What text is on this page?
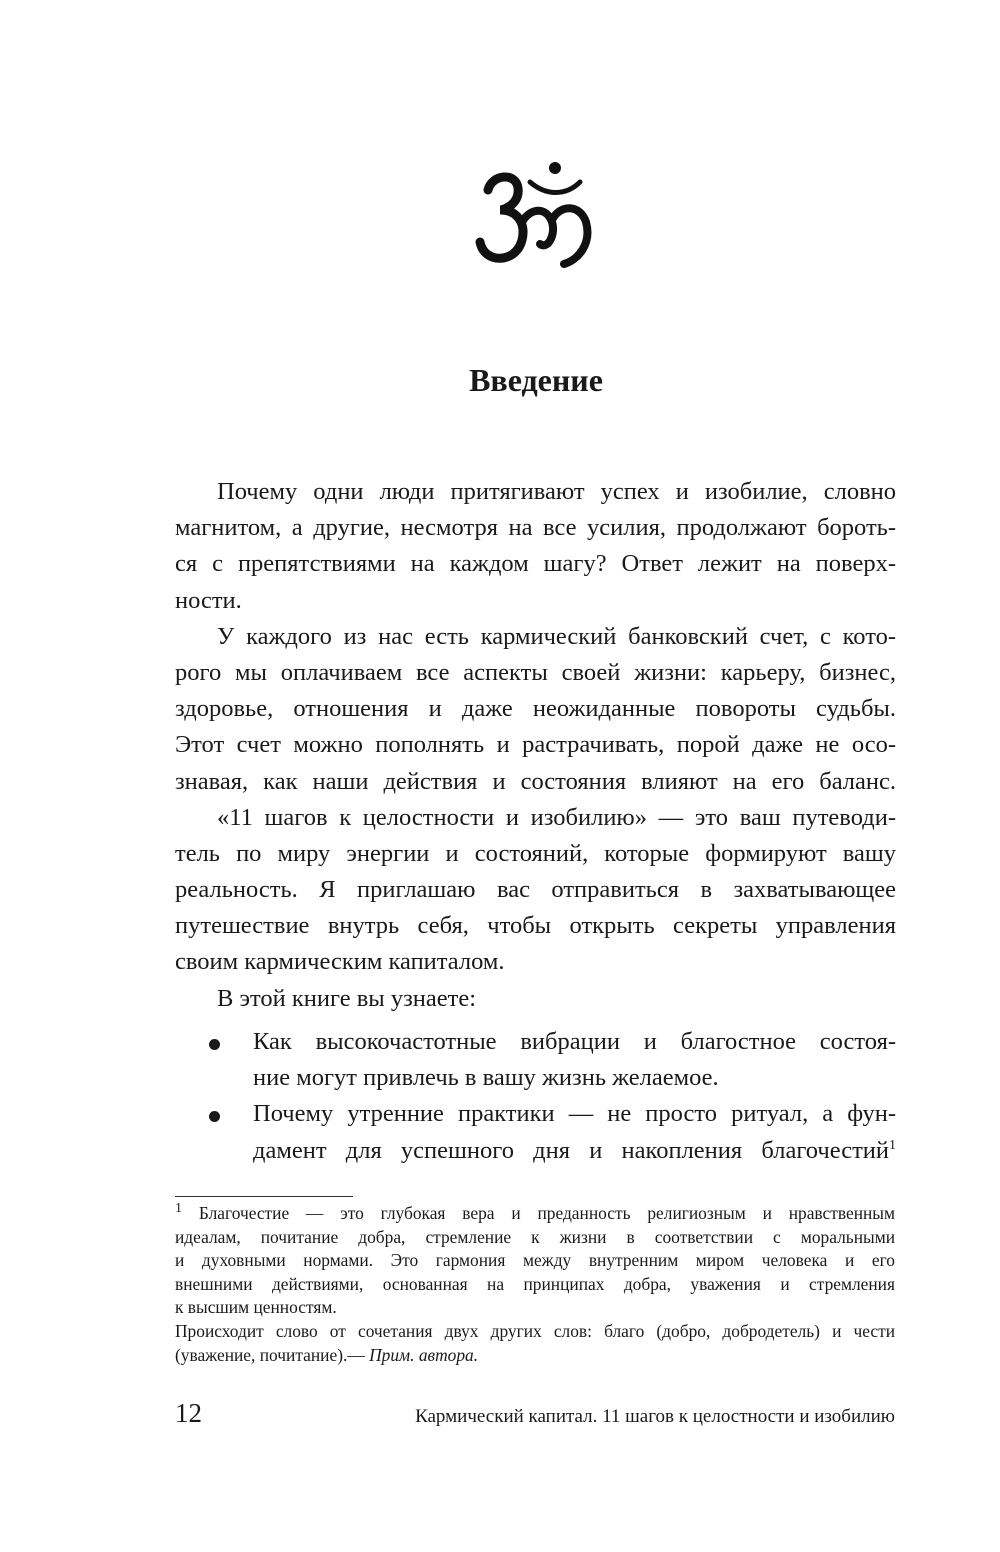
Введение
Почему одни люди притягивают успех и изобилие, словно
магнитом, а другие, несмотря на все усилия, продолжают бороть-
ся с препятствиями на каждом шагу? Ответ лежит на поверх-
ности.
У каждого из нас есть кармический банковский счет, с кото-
рого мы оплачиваем все аспекты своей жизни: карьеру, бизнес,
здоровье, отношения и даже неожиданные повороты судьбы.
Этот счет можно пополнять и растрачивать, порой даже не осо-
знавая, как наши действия и состояния влияют на его баланс.
«11 шагов к целостности и изобилию» — это ваш путеводи-
тель по миру энергии и состояний, которые формируют вашу
реальность. Я приглашаю вас отправиться в захватывающее
путешествие внутрь себя, чтобы открыть секреты управления
своим кармическим капиталом.
В этой книге вы узнаете:
Как высокочастотные вибрации и благостное состоя-
ние могут привлечь в вашу жизнь желаемое.
Почему утренние практики — не просто ритуал, а фун-
дамент для успешного дня и накопления благочестий$^1$
$^1$ Благочестие — это глубокая вера и преданность религиозным и нравственным
идеалам, почитание добра, стремление к жизни в соответствии с моральными
и духовными нормами. Это гармония между внутренним миром человека и его
внешними действиями, основанная на принципах добра, уважения и стремления
к высшим ценностям.
Происходит слово от сочетания двух других слов: благо (добро, добродетель) и чести
(уважение, почитание).— Прим. автора.
12	Кармический капитал. 11 шагов к целостности и изобилию
